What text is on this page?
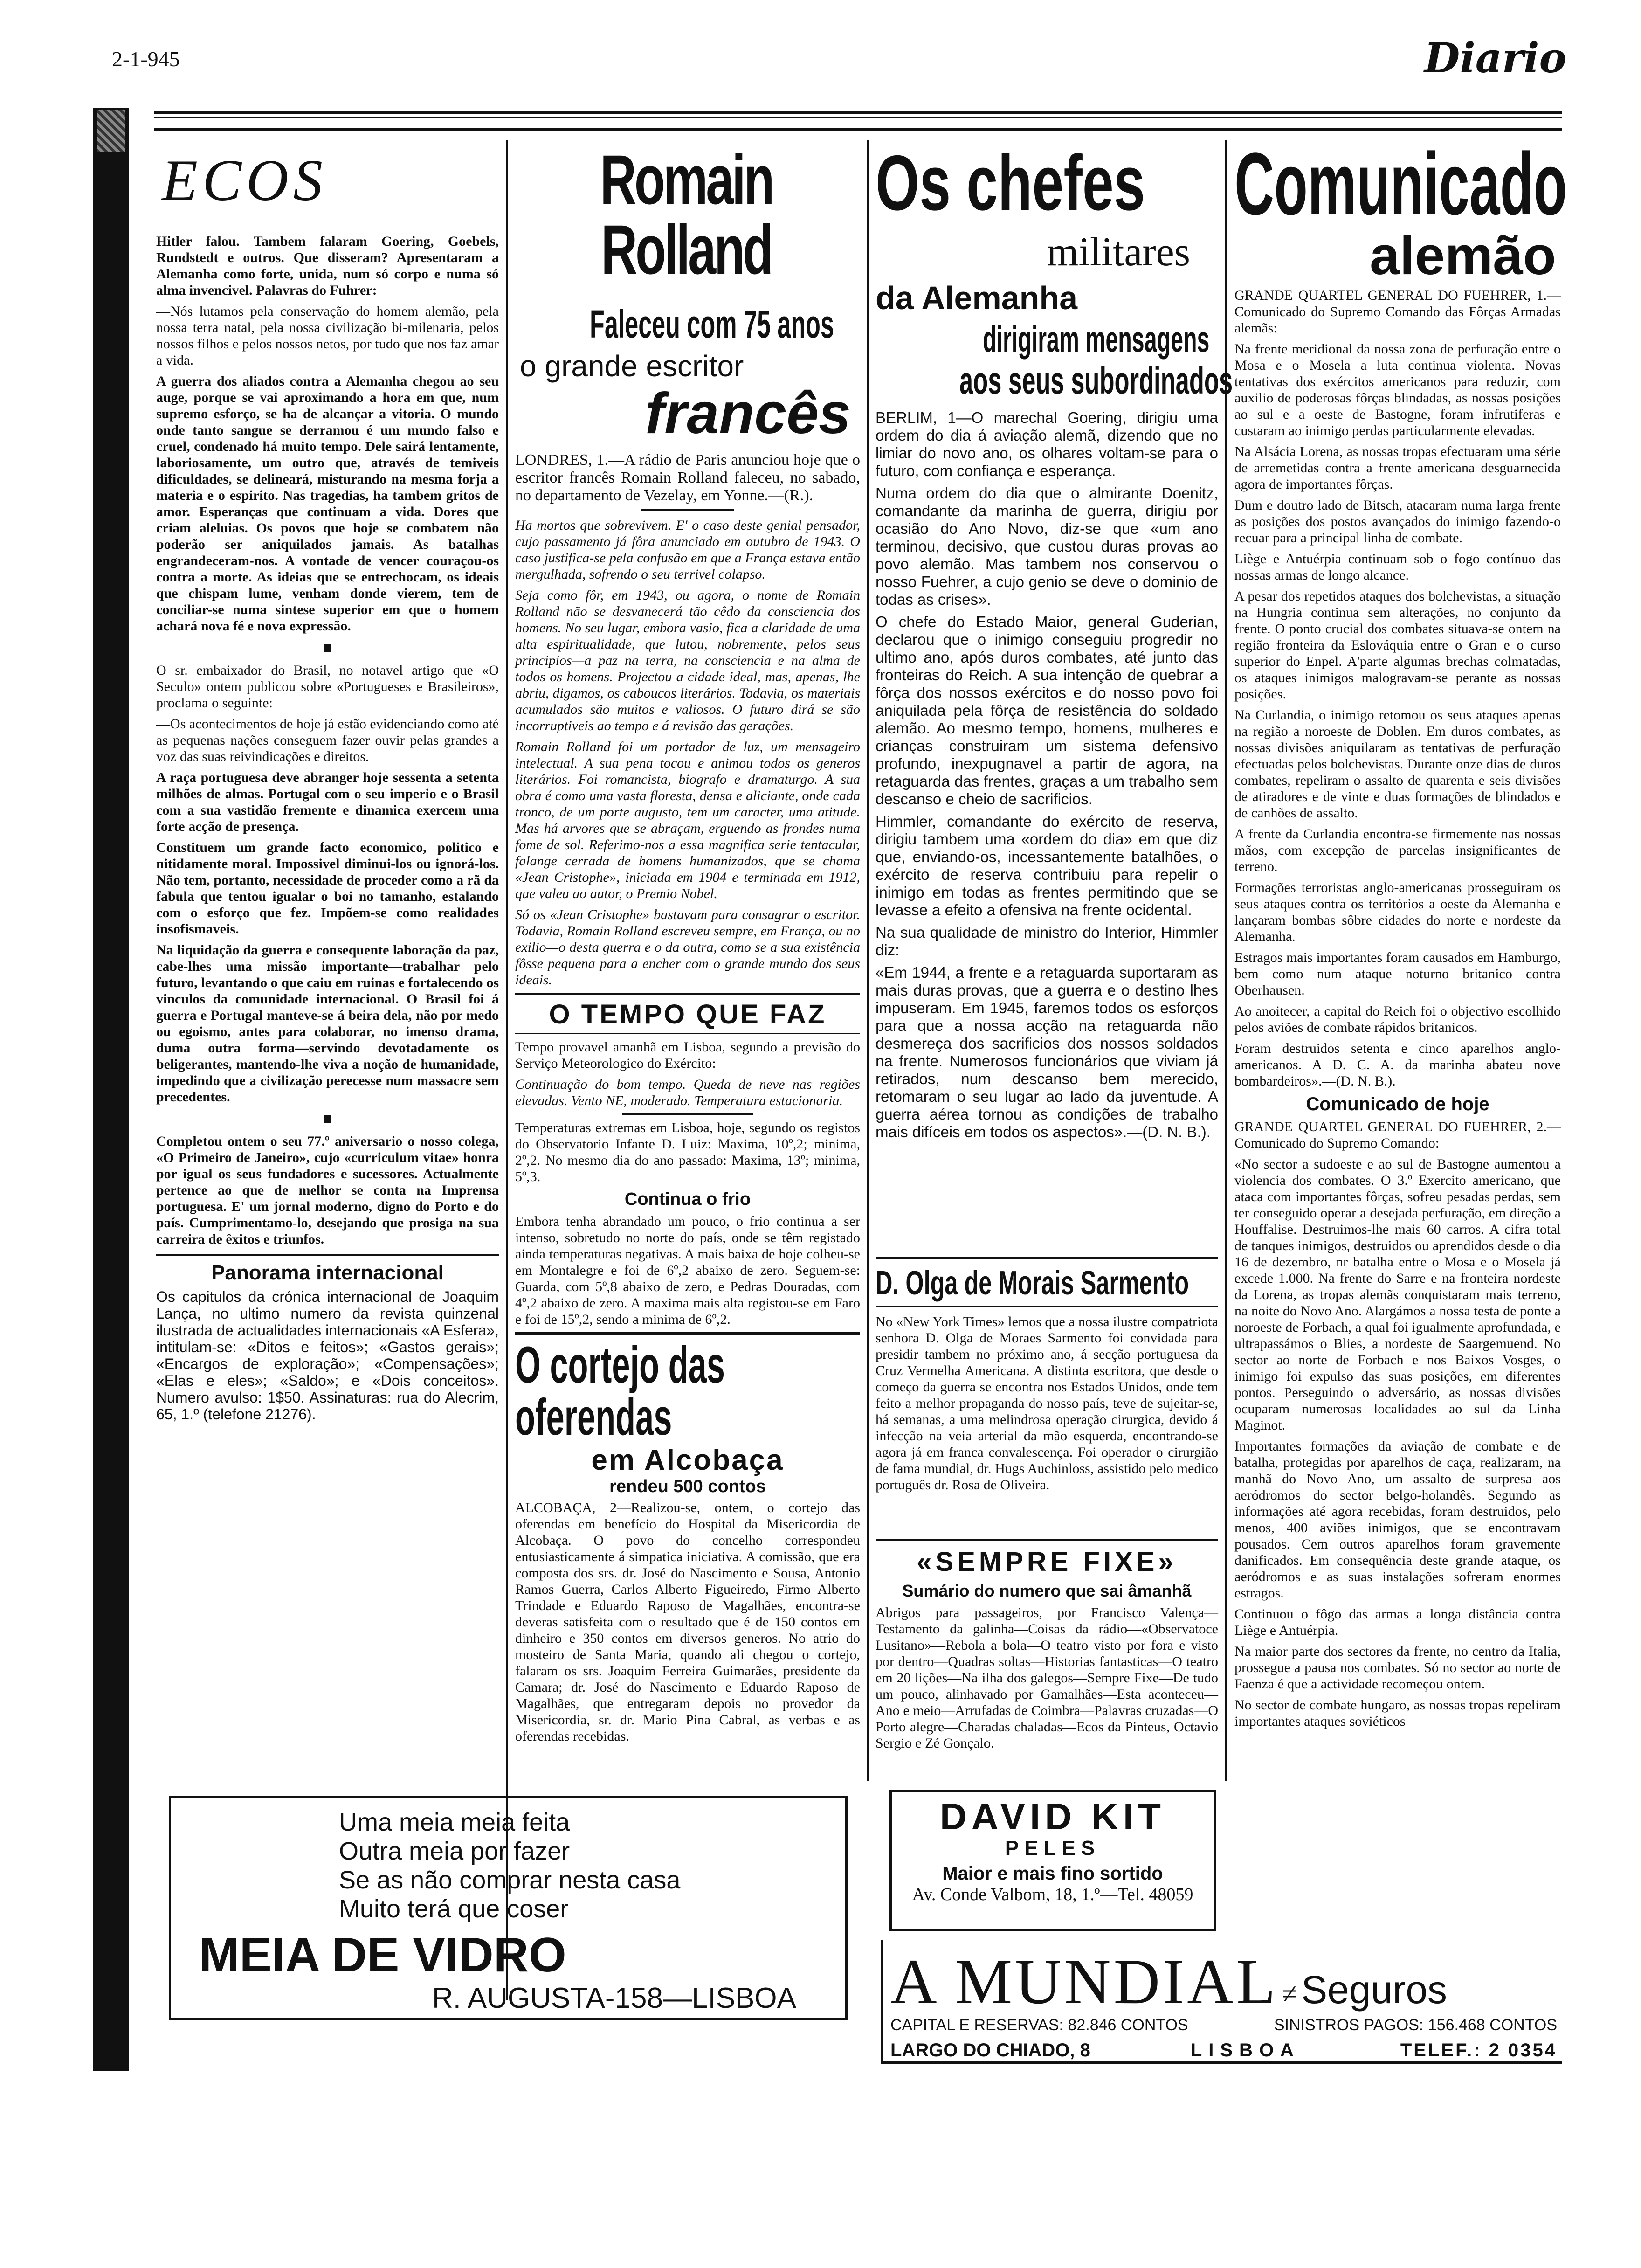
2-1-945	Diario
ECOS

Hitler falou. Tambem falaram Goering, Goebels, Rundstedt e outros. Que disseram? Apresentaram a Alemanha como forte, unida, num só corpo e numa só alma invencivel. Palavras do Fuhrer:

—Nós lutamos pela conservação do homem alemão, pela nossa terra natal, pela nossa civilização bi-milenaria, pelos nossos filhos e pelos nossos netos, por tudo que nos faz amar a vida.

A guerra dos aliados contra a Alemanha chegou ao seu auge, porque se vai aproximando a hora em que, num supremo esforço, se ha de alcançar a vitoria. O mundo onde tanto sangue se derramou é um mundo falso e cruel, condenado há muito tempo. Dele sairá lentamente, laboriosamente, um outro que, através de temiveis dificuldades, se delineará, misturando na mesma forja a materia e o espirito. Nas tragedias, ha tambem gritos de amor. Esperanças que continuam a vida. Dores que criam aleluias. Os povos que hoje se combatem não poderão ser aniquilados jamais. As batalhas engrandeceram-nos. A vontade de vencer couraçou-os contra a morte. As ideias que se entrechocam, os ideais que chispam lume, venham donde vierem, tem de conciliar-se numa sintese superior em que o homem achará nova fé e nova expressão.

■

O sr. embaixador do Brasil, no notavel artigo que «O Seculo» ontem publicou sobre «Portugueses e Brasileiros», proclama o seguinte:

—Os acontecimentos de hoje já estão evidenciando como até as pequenas nações conseguem fazer ouvir pelas grandes a voz das suas reivindicações e direitos.

A raça portuguesa deve abranger hoje sessenta a setenta milhões de almas. Portugal com o seu imperio e o Brasil com a sua vastidão fremente e dinamica exercem uma forte acção de presença.

Constituem um grande facto economico, politico e nitidamente moral. Impossivel diminui-los ou ignorá-los. Não tem, portanto, necessidade de proceder como a rã da fabula que tentou igualar o boi no tamanho, estalando com o esforço que fez. Impõem-se como realidades insofismaveis.

Na liquidação da guerra e consequente laboração da paz, cabe-lhes uma missão importante—trabalhar pelo futuro, levantando o que caiu em ruinas e fortalecendo os vinculos da comunidade internacional. O Brasil foi á guerra e Portugal manteve-se á beira dela, não por medo ou egoismo, antes para colaborar, no imenso drama, duma outra forma—servindo devotadamente os beligerantes, mantendo-lhe viva a noção de humanidade, impedindo que a civilização perecesse num massacre sem precedentes.

■

Completou ontem o seu 77.º aniversario o nosso colega, «O Primeiro de Janeiro», cujo «curriculum vitae» honra por igual os seus fundadores e sucessores. Actualmente pertence ao que de melhor se conta na Imprensa portuguesa. E' um jornal moderno, digno do Porto e do país. Cumprimentamo-lo, desejando que prosiga na sua carreira de êxitos e triunfos.

Panorama internacional

Os capitulos da crónica internacional de Joaquim Lança, no ultimo numero da revista quinzenal ilustrada de actualidades internacionais «A Esfera», intitulam-se: «Ditos e feitos»; «Gastos gerais»; «Encargos de exploração»; «Compensações»; «Elas e eles»; «Saldo»; e «Dois conceitos». Numero avulso: 1$50. Assinaturas: rua do Alecrim, 65, 1.º (telefone 21276).

Romain Rolland
Faleceu com 75 anos
o grande escritor
francês

LONDRES, 1.—A rádio de Paris anunciou hoje que o escritor francês Romain Rolland faleceu, no sabado, no departamento de Vezelay, em Yonne.—(R.).

Ha mortos que sobrevivem. E' o caso deste genial pensador, cujo passamento já fôra anunciado em outubro de 1943. O caso justifica-se pela confusão em que a França estava então mergulhada, sofrendo o seu terrivel colapso.

Seja como fôr, em 1943, ou agora, o nome de Romain Rolland não se desvanecerá tão cêdo da consciencia dos homens. No seu lugar, embora vasio, fica a claridade de uma alta espiritualidade, que lutou, nobremente, pelos seus principios—a paz na terra, na consciencia e na alma de todos os homens. Projectou a cidade ideal, mas, apenas, lhe abriu, digamos, os caboucos literários. Todavia, os materiais acumulados são muitos e valiosos. O futuro dirá se são incorruptiveis ao tempo e á revisão das gerações.

Romain Rolland foi um portador de luz, um mensageiro intelectual. A sua pena tocou e animou todos os generos literários. Foi romancista, biografo e dramaturgo. A sua obra é como uma vasta floresta, densa e aliciante, onde cada tronco, de um porte augusto, tem um caracter, uma atitude. Mas há arvores que se abraçam, erguendo as frondes numa fome de sol. Referimo-nos a essa magnifica serie tentacular, falange cerrada de homens humanizados, que se chama «Jean Cristophe», iniciada em 1904 e terminada em 1912, que valeu ao autor, o Premio Nobel.

Só os «Jean Cristophe» bastavam para consagrar o escritor. Todavia, Romain Rolland escreveu sempre, em França, ou no exilio—o desta guerra e o da outra, como se a sua existência fôsse pequena para a encher com o grande mundo dos seus ideais.

O TEMPO QUE FAZ

Tempo provavel amanhã em Lisboa, segundo a previsão do Serviço Meteorologico do Exército:

Continuação do bom tempo. Queda de neve nas regiões elevadas. Vento NE, moderado. Temperatura estacionaria.

Temperaturas extremas em Lisboa, hoje, segundo os registos do Observatorio Infante D. Luiz: Maxima, 10º,2; minima, 2º,2. No mesmo dia do ano passado: Maxima, 13º; minima, 5º,3.

Continua o frio

Embora tenha abrandado um pouco, o frio continua a ser intenso, sobretudo no norte do país, onde se têm registado ainda temperaturas negativas. A mais baixa de hoje colheu-se em Montalegre e foi de 6º,2 abaixo de zero. Seguem-se: Guarda, com 5º,8 abaixo de zero, e Pedras Douradas, com 4º,2 abaixo de zero. A maxima mais alta registou-se em Faro e foi de 15º,2, sendo a minima de 6º,2.

O cortejo das oferendas
em Alcobaça
rendeu 500 contos

ALCOBAÇA, 2—Realizou-se, ontem, o cortejo das oferendas em benefício do Hospital da Misericordia de Alcobaça. O povo do concelho correspondeu entusiasticamente á simpatica iniciativa. A comissão, que era composta dos srs. dr. José do Nascimento e Sousa, Antonio Ramos Guerra, Carlos Alberto Figueiredo, Firmo Alberto Trindade e Eduardo Raposo de Magalhães, encontra-se deveras satisfeita com o resultado que é de 150 contos em dinheiro e 350 contos em diversos generos. No atrio do mosteiro de Santa Maria, quando ali chegou o cortejo, falaram os srs. Joaquim Ferreira Guimarães, presidente da Camara; dr. José do Nascimento e Eduardo Raposo de Magalhães, que entregaram depois no provedor da Misericordia, sr. dr. Mario Pina Cabral, as verbas e as oferendas recebidas.

Os chefes
militares
da Alemanha
dirigiram mensagens
aos seus subordinados

BERLIM, 1—O marechal Goering, dirigiu uma ordem do dia á aviação alemã, dizendo que no limiar do novo ano, os olhares voltam-se para o futuro, com confiança e esperança.

Numa ordem do dia que o almirante Doenitz, comandante da marinha de guerra, dirigiu por ocasião do Ano Novo, diz-se que «um ano terminou, decisivo, que custou duras provas ao povo alemão. Mas tambem nos conservou o nosso Fuehrer, a cujo genio se deve o dominio de todas as crises».

O chefe do Estado Maior, general Guderian, declarou que o inimigo conseguiu progredir no ultimo ano, após duros combates, até junto das fronteiras do Reich. A sua intenção de quebrar a fôrça dos nossos exércitos e do nosso povo foi aniquilada pela fôrça de resistência do soldado alemão. Ao mesmo tempo, homens, mulheres e crianças construiram um sistema defensivo profundo, inexpugnavel a partir de agora, na retaguarda das frentes, graças a um trabalho sem descanso e cheio de sacrificios.

Himmler, comandante do exército de reserva, dirigiu tambem uma «ordem do dia» em que diz que, enviando-os, incessantemente batalhões, o exército de reserva contribuiu para repelir o inimigo em todas as frentes permitindo que se levasse a efeito a ofensiva na frente ocidental.

Na sua qualidade de ministro do Interior, Himmler diz:

«Em 1944, a frente e a retaguarda suportaram as mais duras provas, que a guerra e o destino lhes impuseram. Em 1945, faremos todos os esforços para que a nossa acção na retaguarda não desmereça dos sacrificios dos nossos soldados na frente. Numerosos funcionários que viviam já retirados, num descanso bem merecido, retomaram o seu lugar ao lado da juventude. A guerra aérea tornou as condições de trabalho mais difíceis em todos os aspectos».—(D. N. B.).

D. Olga de Morais Sarmento

No «New York Times» lemos que a nossa ilustre compatriota senhora D. Olga de Moraes Sarmento foi convidada para presidir tambem no próximo ano, á secção portuguesa da Cruz Vermelha Americana. A distinta escritora, que desde o começo da guerra se encontra nos Estados Unidos, onde tem feito a melhor propaganda do nosso país, teve de sujeitar-se, há semanas, a uma melindrosa operação cirurgica, devido á infecção na veia arterial da mão esquerda, encontrando-se agora já em franca convalescença. Foi operador o cirurgião de fama mundial, dr. Hugs Auchinloss, assistido pelo medico português dr. Rosa de Oliveira.

«SEMPRE FIXE»
Sumário do numero que sai âmanhã

Abrigos para passageiros, por Francisco Valença—Testamento da galinha—Coisas da rádio—«Observatoce Lusitano»—Rebola a bola—O teatro visto por fora e visto por dentro—Quadras soltas—Historias fantasticas—O teatro em 20 lições—Na ilha dos galegos—Sempre Fixe—De tudo um pouco, alinhavado por Gamalhães—Esta aconteceu—Ano e meio—Arrufadas de Coimbra—Palavras cruzadas—O Porto alegre—Charadas chaladas—Ecos da Pinteus, Octavio Sergio e Zé Gonçalo.

Comunicado
alemão

GRANDE QUARTEL GENERAL DO FUEHRER, 1.—Comunicado do Supremo Comando das Fôrças Armadas alemãs:

Na frente meridional da nossa zona de perfuração entre o Mosa e o Mosela a luta continua violenta. Novas tentativas dos exércitos americanos para reduzir, com auxilio de poderosas fôrças blindadas, as nossas posições ao sul e a oeste de Bastogne, foram infrutiferas e custaram ao inimigo perdas particularmente elevadas.

Na Alsácia Lorena, as nossas tropas efectuaram uma série de arremetidas contra a frente americana desguarnecida agora de importantes fôrças.

Dum e doutro lado de Bitsch, atacaram numa larga frente as posições dos postos avançados do inimigo fazendo-o recuar para a principal linha de combate.

Liège e Antuérpia continuam sob o fogo contínuo das nossas armas de longo alcance.

A pesar dos repetidos ataques dos bolchevistas, a situação na Hungria continua sem alterações, no conjunto da frente. O ponto crucial dos combates situava-se ontem na região fronteira da Eslováquia entre o Gran e o curso superior do Enpel. A'parte algumas brechas colmatadas, os ataques inimigos malogravam-se perante as nossas posições.

Na Curlandia, o inimigo retomou os seus ataques apenas na região a noroeste de Doblen. Em duros combates, as nossas divisões aniquilaram as tentativas de perfuração efectuadas pelos bolchevistas. Durante onze dias de duros combates, repeliram o assalto de quarenta e seis divisões de atiradores e de vinte e duas formações de blindados e de canhões de assalto.

A frente da Curlandia encontra-se firmemente nas nossas mãos, com excepção de parcelas insignificantes de terreno.

Formações terroristas anglo-americanas prosseguiram os seus ataques contra os territórios a oeste da Alemanha e lançaram bombas sôbre cidades do norte e nordeste da Alemanha.

Estragos mais importantes foram causados em Hamburgo, bem como num ataque noturno britanico contra Oberhausen.

Ao anoitecer, a capital do Reich foi o objectivo escolhido pelos aviões de combate rápidos britanicos.

Foram destruidos setenta e cinco aparelhos anglo-americanos. A D. C. A. da marinha abateu nove bombardeiros».—(D. N. B.).

Comunicado de hoje

GRANDE QUARTEL GENERAL DO FUEHRER, 2.—Comunicado do Supremo Comando:

«No sector a sudoeste e ao sul de Bastogne aumentou a violencia dos combates. O 3.º Exercito americano, que ataca com importantes fôrças, sofreu pesadas perdas, sem ter conseguido operar a desejada perfuração, em direção a Houffalise. Destruimos-lhe mais 60 carros. A cifra total de tanques inimigos, destruidos ou aprendidos desde o dia 16 de dezembro, nr batalha entre o Mosa e o Mosela já excede 1.000. Na frente do Sarre e na fronteira nordeste da Lorena, as tropas alemãs conquistaram mais terreno, na noite do Novo Ano. Alargámos a nossa testa de ponte a noroeste de Forbach, a qual foi igualmente aprofundada, e ultrapassámos o Blies, a nordeste de Saargemuend. No sector ao norte de Forbach e nos Baixos Vosges, o inimigo foi expulso das suas posições, em diferentes pontos. Perseguindo o adversário, as nossas divisões ocuparam numerosas localidades ao sul da Linha Maginot.

Importantes formações da aviação de combate e de batalha, protegidas por aparelhos de caça, realizaram, na manhã do Novo Ano, um assalto de surpresa aos aeródromos do sector belgo-holandês. Segundo as informações até agora recebidas, foram destruidos, pelo menos, 400 aviões inimigos, que se encontravam pousados. Cem outros aparelhos foram gravemente danificados. Em consequência deste grande ataque, os aeródromos e as suas instalações sofreram enormes estragos.

Continuou o fôgo das armas a longa distância contra Liège e Antuérpia.

Na maior parte dos sectores da frente, no centro da Italia, prossegue a pausa nos combates. Só no sector ao norte de Faenza é que a actividade recomeçou ontem.

No sector de combate hungaro, as nossas tropas repeliram importantes ataques soviéticos

Uma meia meia feita
Outra meia por fazer
Se as não comprar nesta casa
Muito terá que coser
MEIA DE VIDRO
R. AUGUSTA-158—LISBOA
DAVID KIT
PELES
Maior e mais fino sortido
Av. Conde Valbom, 18, 1.º—Tel. 48059
A MUNDIAL ≠ Seguros
CAPITAL E RESERVAS: 82.846 CONTOS	SINISTROS PAGOS: 156.468 CONTOS
LARGO DO CHIADO, 8	LISBOA	TELEF.: 2 0354
